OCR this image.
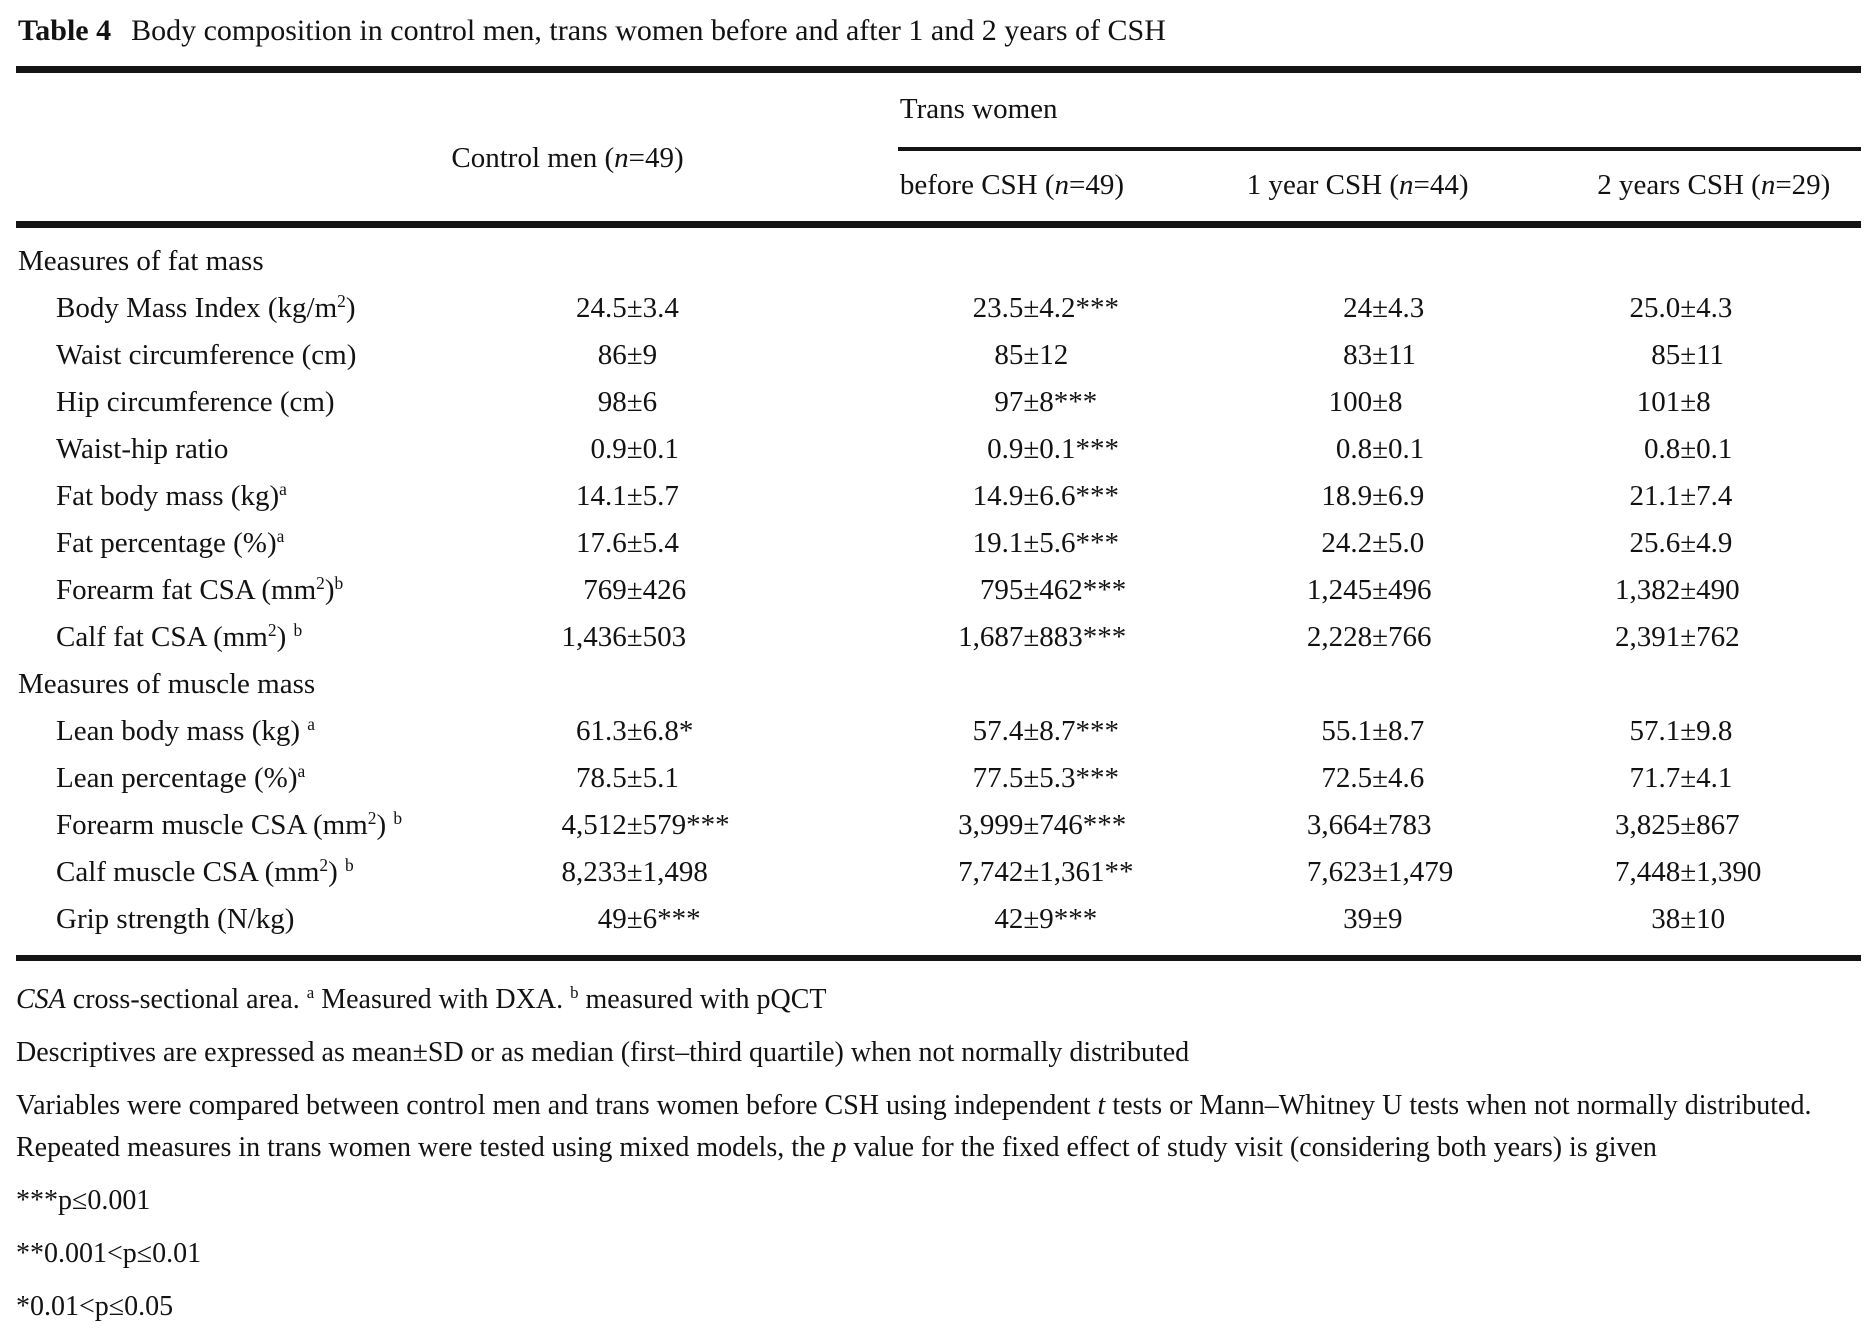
Table 4 Body composition in control men, trans women before and after 1 and 2 years of CSH
	Control men (n=49)	Trans women		
		before CSH (n=49)	1 year CSH (n=44)	2 years CSH (n=29)
Measures of fat mass				
Body Mass Index $(kg/m^2)$	24.5 ± 3.4	23.5 ± 4.2***	24 ± 4.3	25.0 ± 4.3

Waist circumference (cm)	86 ± 9	85 ± 12	83 ± 11	85 ± 11

Hip circumference (cm)	98 ± 6	97 ± 8***	100 ± 8	101 ± 8

Waist-hip ratio	0.9 ± 0.1	0.9 ± 0.1***	0.8 ± 0.1	0.8 ± 0.1

Fat body mass (kg)$^a$	14.1 ± 5.7	14.9 ± 6.6***	18.9 ± 6.9	21.1 ± 7.4

Fat percentage (%)$^a$	17.6 ± 5.4	19.1 ± 5.6***	24.2 ± 5.0	25.6 ± 4.9

Forearm fat CSA $(mm^2)^b$	769 ± 426	795 ± 462***	1,245 ± 496	1,382 ± 490

Calf fat CSA $(mm^2)$ $^b$	1,436 ± 503	1,687 ± 883***	2,228 ± 766	2,391 ± 762

Measures of muscle mass				
Lean body mass (kg) $^a$	61.3 ± 6.8*	57.4 ± 8.7***	55.1 ± 8.7	57.1 ± 9.8

Lean percentage (%)$^a$	78.5 ± 5.1	77.5 ± 5.3***	72.5 ± 4.6	71.7 ± 4.1

Forearm muscle CSA $(mm^2)$ $^b$	4,512 ± 579***	3,999 ± 746***	3,664 ± 783	3,825 ± 867

Calf muscle CSA $(mm^2)$ $^b$	8,233 ± 1,498	7,742 ± 1,361**	7,623 ± 1,479	7,448 ± 1,390

Grip strength (N/kg)	49 ± 6***	42 ± 9***	39 ± 9	38 ± 10

CSA cross-sectional area. $^a$ Measured with DXA. $^b$ measured with pQCT

Descriptives are expressed as mean±SD or as median (first–third quartile) when not normally distributed

Variables were compared between control men and trans women before CSH using independent t tests or Mann–Whitney U tests when not normally distributed. Repeated measures in trans women were tested using mixed models, the p value for the fixed effect of study visit (considering both years) is given

***p≤0.001

**0.001<p≤0.01

*0.01<p≤0.05
